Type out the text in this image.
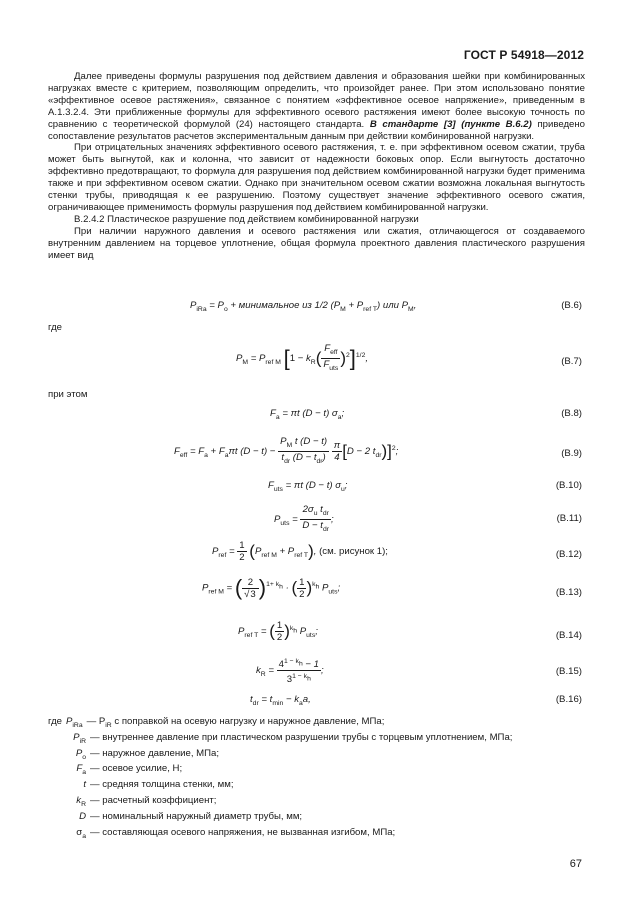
ГОСТ Р 54918—2012

Далее приведены формулы разрушения под действием давления и образования шейки при комбинированных нагрузках вместе с критерием, позволяющим определить, что произойдет ранее. При этом использовано понятие «эффективное осевое растяжения», связанное с понятием «эффективное осевое напряжение», приведенным в А.1.3.2.4. Эти приближенные формулы для эффективного осевого растяжения имеют более высокую точность по сравнению с теоретической формулой (24) настоящего стандарта. В стандарте [3] (пункте В.6.2) приведено сопоставление результатов расчетов экспериментальным данным при действии комбинированной нагрузки.

При отрицательных значениях эффективного осевого растяжения, т. е. при эффективном осевом сжатии, труба может быть выгнутой, как и колонна, что зависит от надежности боковых опор. Если выгнутость достаточно эффективно предотвращают, то формула для разрушения под действием комбинированной нагрузки будет применима также и при эффективном осевом сжатии. Однако при значительном осевом сжатии возможна локальная выгнутость стенки трубы, приводящая к ее разрушению. Поэтому существует значение эффективного осевого сжатия, ограничивающее применимость формулы разрушения под действием комбинированной нагрузки.

В.2.4.2 Пластическое разрушение под действием комбинированной нагрузки

При наличии наружного давления и осевого растяжения или сжатия, отличающегося от создаваемого внутренним давлением на торцевое уплотнение, общая формула проектного давления пластического разрушения имеет вид

$P_{iRa} = P_o$ + минимальное из 1/2 $(P_M + P_{ref T})$ или $P_M$,	(В.6)
где
$P_M = P_{ref M}$ [$1 - k_R$( $F_{eff}$
$F_{uts}$
)$^2$]$^{1/2}$,	(В.7)
при этом
$F_a = \pi t$ (D − t) $\sigma_a$;	(В.8)
$F_{eff} = F_a + F_a\pi t$ (D − t) −
$P_M$ t (D − t)
$t_{dr}$ $(D - t_{dr})$
$\frac{\pi}{4} [D - 2$ $t_{dr})]^2$;	(В.9)
$F_{uts} = \pi t$ (D − t) $\sigma_u$;	(В.10)
$P_{uts}$ =
$2\sigma_u$ $t_{dr}$
$D - t_{dr}$
;	(В.11)
$P_{ref} = \frac{1}{2} (P_{ref M} + P_{ref T})$, (см. рисунок 1);	(В.12)
$P_{ref M}$ = ( $\frac{2}{√3} )^{1+ k_h}$ · ( $\frac{1}{2} )^{k_h}$ $P_{uts}$;	(В.13)
$P_{ref T}$ = ( $\frac{1}{2} )^{k_h}$ $P_{uts}$;	(В.14)
$k_R = \frac{4^{1 - k_h} - 1}{3^{1 - k_h}}$ ;	(В.15)
$t_{dr} = t_{min} - k_aa$,	(В.16)
где $P_{iRa}$ — $P_{iR}$ с поправкой на осевую нагрузку и наружное давление, МПа;
$P_{iR}$ — внутреннее давление при пластическом разрушении трубы с торцевым уплотнением, МПа;
$P_o$ — наружное давление, МПа;
$F_a$ — осевое усилие, Н;
t — средняя толщина стенки, мм;
$k_R$ — расчетный коэффициент;
D — номинальный наружный диаметр трубы, мм;
$\sigma_a$ — составляющая осевого напряжения, не вызванная изгибом, МПа;
67
